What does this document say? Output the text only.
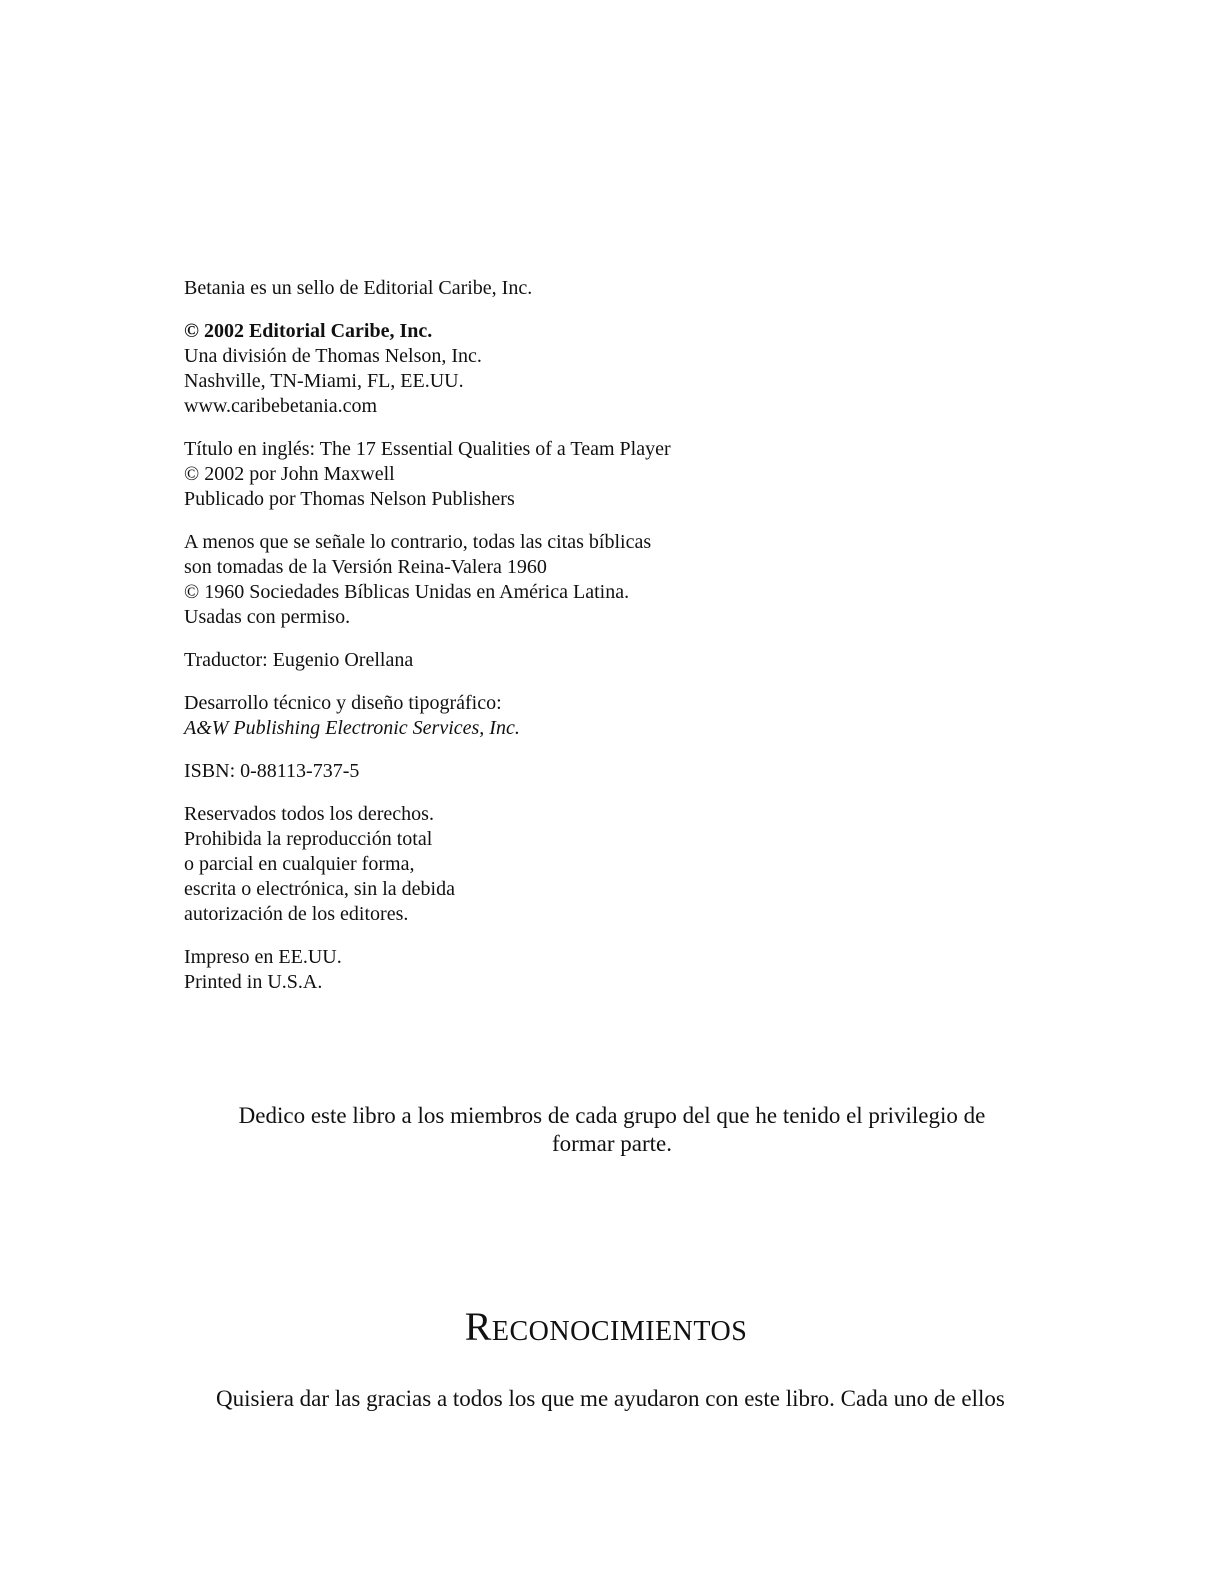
Betania es un sello de Editorial Caribe, Inc.
© 2002 Editorial Caribe, Inc.
Una división de Thomas Nelson, Inc.
Nashville, TN-Miami, FL, EE.UU.
www.caribebetania.com
Título en inglés: The 17 Essential Qualities of a Team Player
© 2002 por John Maxwell
Publicado por Thomas Nelson Publishers
A menos que se señale lo contrario, todas las citas bíblicas
son tomadas de la Versión Reina-Valera 1960
© 1960 Sociedades Bíblicas Unidas en América Latina.
Usadas con permiso.
Traductor: Eugenio Orellana
Desarrollo técnico y diseño tipográfico:
A&W Publishing Electronic Services, Inc.
ISBN: 0-88113-737-5
Reservados todos los derechos.
Prohibida la reproducción total
o parcial en cualquier forma,
escrita o electrónica, sin la debida
autorización de los editores.
Impreso en EE.UU.
Printed in U.S.A.
Dedico este libro a los miembros de cada grupo del que he tenido el privilegio de
formar parte.
Reconocimientos
Quisiera dar las gracias a todos los que me ayudaron con este libro. Cada uno de ellos
